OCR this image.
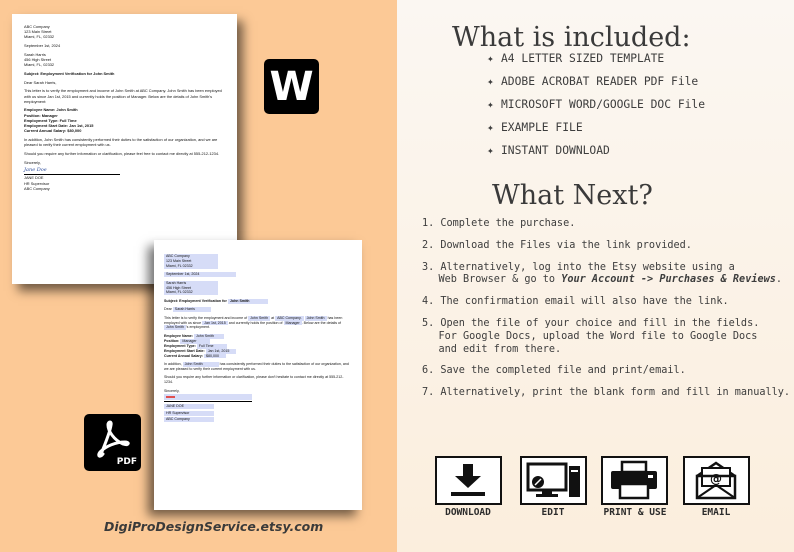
ABC Company
123 Main Street
Miami, FL, 02332

September 1st, 2024

Sarah Harris
456 High Street
Miami, FL, 02332

Subject: Employment Verification for John Smith

Dear Sarah Harris,

This letter is to verify the employment and income of John Smith at ABC Company. John Smith has been employed with us since Jan 1st, 2015 and currently holds the position of Manager. Below are the details of John Smith's employment:

Employee Name: John Smith
Position: Manager
Employment Type: Full Time
Employment Start Date: Jan 1st, 2015
Current Annual Salary: $80,000

In addition, John Smith has consistently performed their duties to the satisfaction of our organization, and we are pleased to verify their current employment with us.

Should you require any further information or clarification, please feel free to contact me directly at 555-212-1234.

Sincerely,

Jane Doe
JANE DOE
HR Supervisor
ABC Company
W

ABC Company
123 Main Street
Miami, FL 02332

September 1st, 2024

Sarah Harris
456 High Street
Miami, FL 02332

Subject: Employment Verification for John Smith

Dear Sarah Harris

This letter is to verify the employment and income of John Smith at ABC Company. John Smith has been employed with us since Jan 1st, 2015 and currently holds the position of Manager . Below are the details of John Smith 's employment.

Employee Name: John Smith
Position: Manager
Employment Type: Full Time
Employment Start Date: Jan 1st, 2015
Current Annual Salary: $80,000

In addition, John Smith	has consistently performed their duties to the satisfaction of our organization, and we are pleased to verify their current employment with us.

Should you require any further information or clarification, please don't hesitate to contact me directly at 555-212-1234.

Sincerely,

JANE DOE
HR Supervisor
ABC Company
PDF
DigiProDesignService.etsy.com
What is included:
✦ A4 LETTER SIZED TEMPLATE
✦ ADOBE ACROBAT READER PDF File
✦ MICROSOFT WORD/GOOGLE DOC File
✦ EXAMPLE FILE
✦ INSTANT DOWNLOAD
What Next?
1. Complete the purchase.
2. Download the Files via the link provided.
3. Alternatively, log into the Etsy website using a
Web Browser & go to Your Account -> Purchases & Reviews.
4. The confirmation email will also have the link.
5. Open the file of your choice and fill in the fields.
For Google Docs, upload the Word file to Google Docs
and edit from there.
6. Save the completed file and print/email.
7. Alternatively, print the blank form and fill in manually.
DOWNLOAD	EDIT	PRINT & USE
@
EMAIL
